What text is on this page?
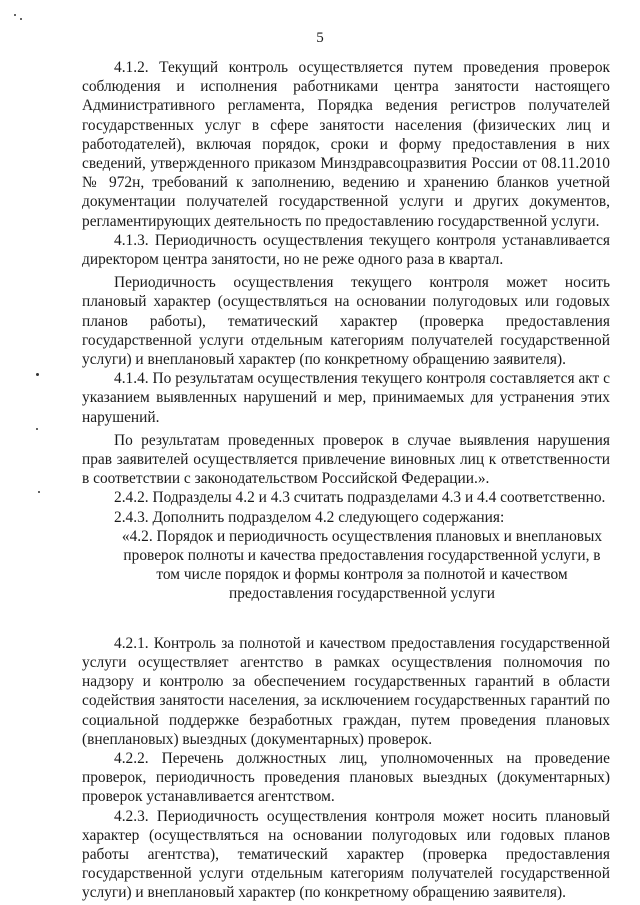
5

4.1.2. Текущий контроль осуществляется путем проведения проверок соблюдения и исполнения работниками центра занятости настоящего Административного регламента, Порядка ведения регистров получателей государственных услуг в сфере занятости населения (физических лиц и работодателей), включая порядок, сроки и форму предоставления в них сведений, утвержденного приказом Минздравсоцразвития России от 08.11.2010 № 972н, требований к заполнению, ведению и хранению бланков учетной документации получателей государственной услуги и других документов, регламентирующих деятельность по предоставлению государственной услуги.

4.1.3. Периодичность осуществления текущего контроля устанавливается директором центра занятости, но не реже одного раза в квартал.

Периодичность осуществления текущего контроля может носить плановый характер (осуществляться на основании полугодовых или годовых планов работы), тематический характер (проверка предоставления государственной услуги отдельным категориям получателей государственной услуги) и внеплановый характер (по конкретному обращению заявителя).

4.1.4. По результатам осуществления текущего контроля составляется акт с указанием выявленных нарушений и мер, принимаемых для устранения этих нарушений.

По результатам проведенных проверок в случае выявления нарушения прав заявителей осуществляется привлечение виновных лиц к ответственности в соответствии с законодательством Российской Федерации.».

2.4.2. Подразделы 4.2 и 4.3 считать подразделами 4.3 и 4.4 соответственно.

2.4.3. Дополнить подразделом 4.2 следующего содержания:

«4.2. Порядок и периодичность осуществления плановых и внеплановых проверок полноты и качества предоставления государственной услуги, в том числе порядок и формы контроля за полнотой и качеством предоставления государственной услуги

4.2.1. Контроль за полнотой и качеством предоставления государственной услуги осуществляет агентство в рамках осуществления полномочия по надзору и контролю за обеспечением государственных гарантий в области содействия занятости населения, за исключением государственных гарантий по социальной поддержке безработных граждан, путем проведения плановых (внеплановых) выездных (документарных) проверок.

4.2.2. Перечень должностных лиц, уполномоченных на проведение проверок, периодичность проведения плановых выездных (документарных) проверок устанавливается агентством.

4.2.3. Периодичность осуществления контроля может носить плановый характер (осуществляться на основании полугодовых или годовых планов работы агентства), тематический характер (проверка предоставления государственной услуги отдельным категориям получателей государственной услуги) и внеплановый характер (по конкретному обращению заявителя).
